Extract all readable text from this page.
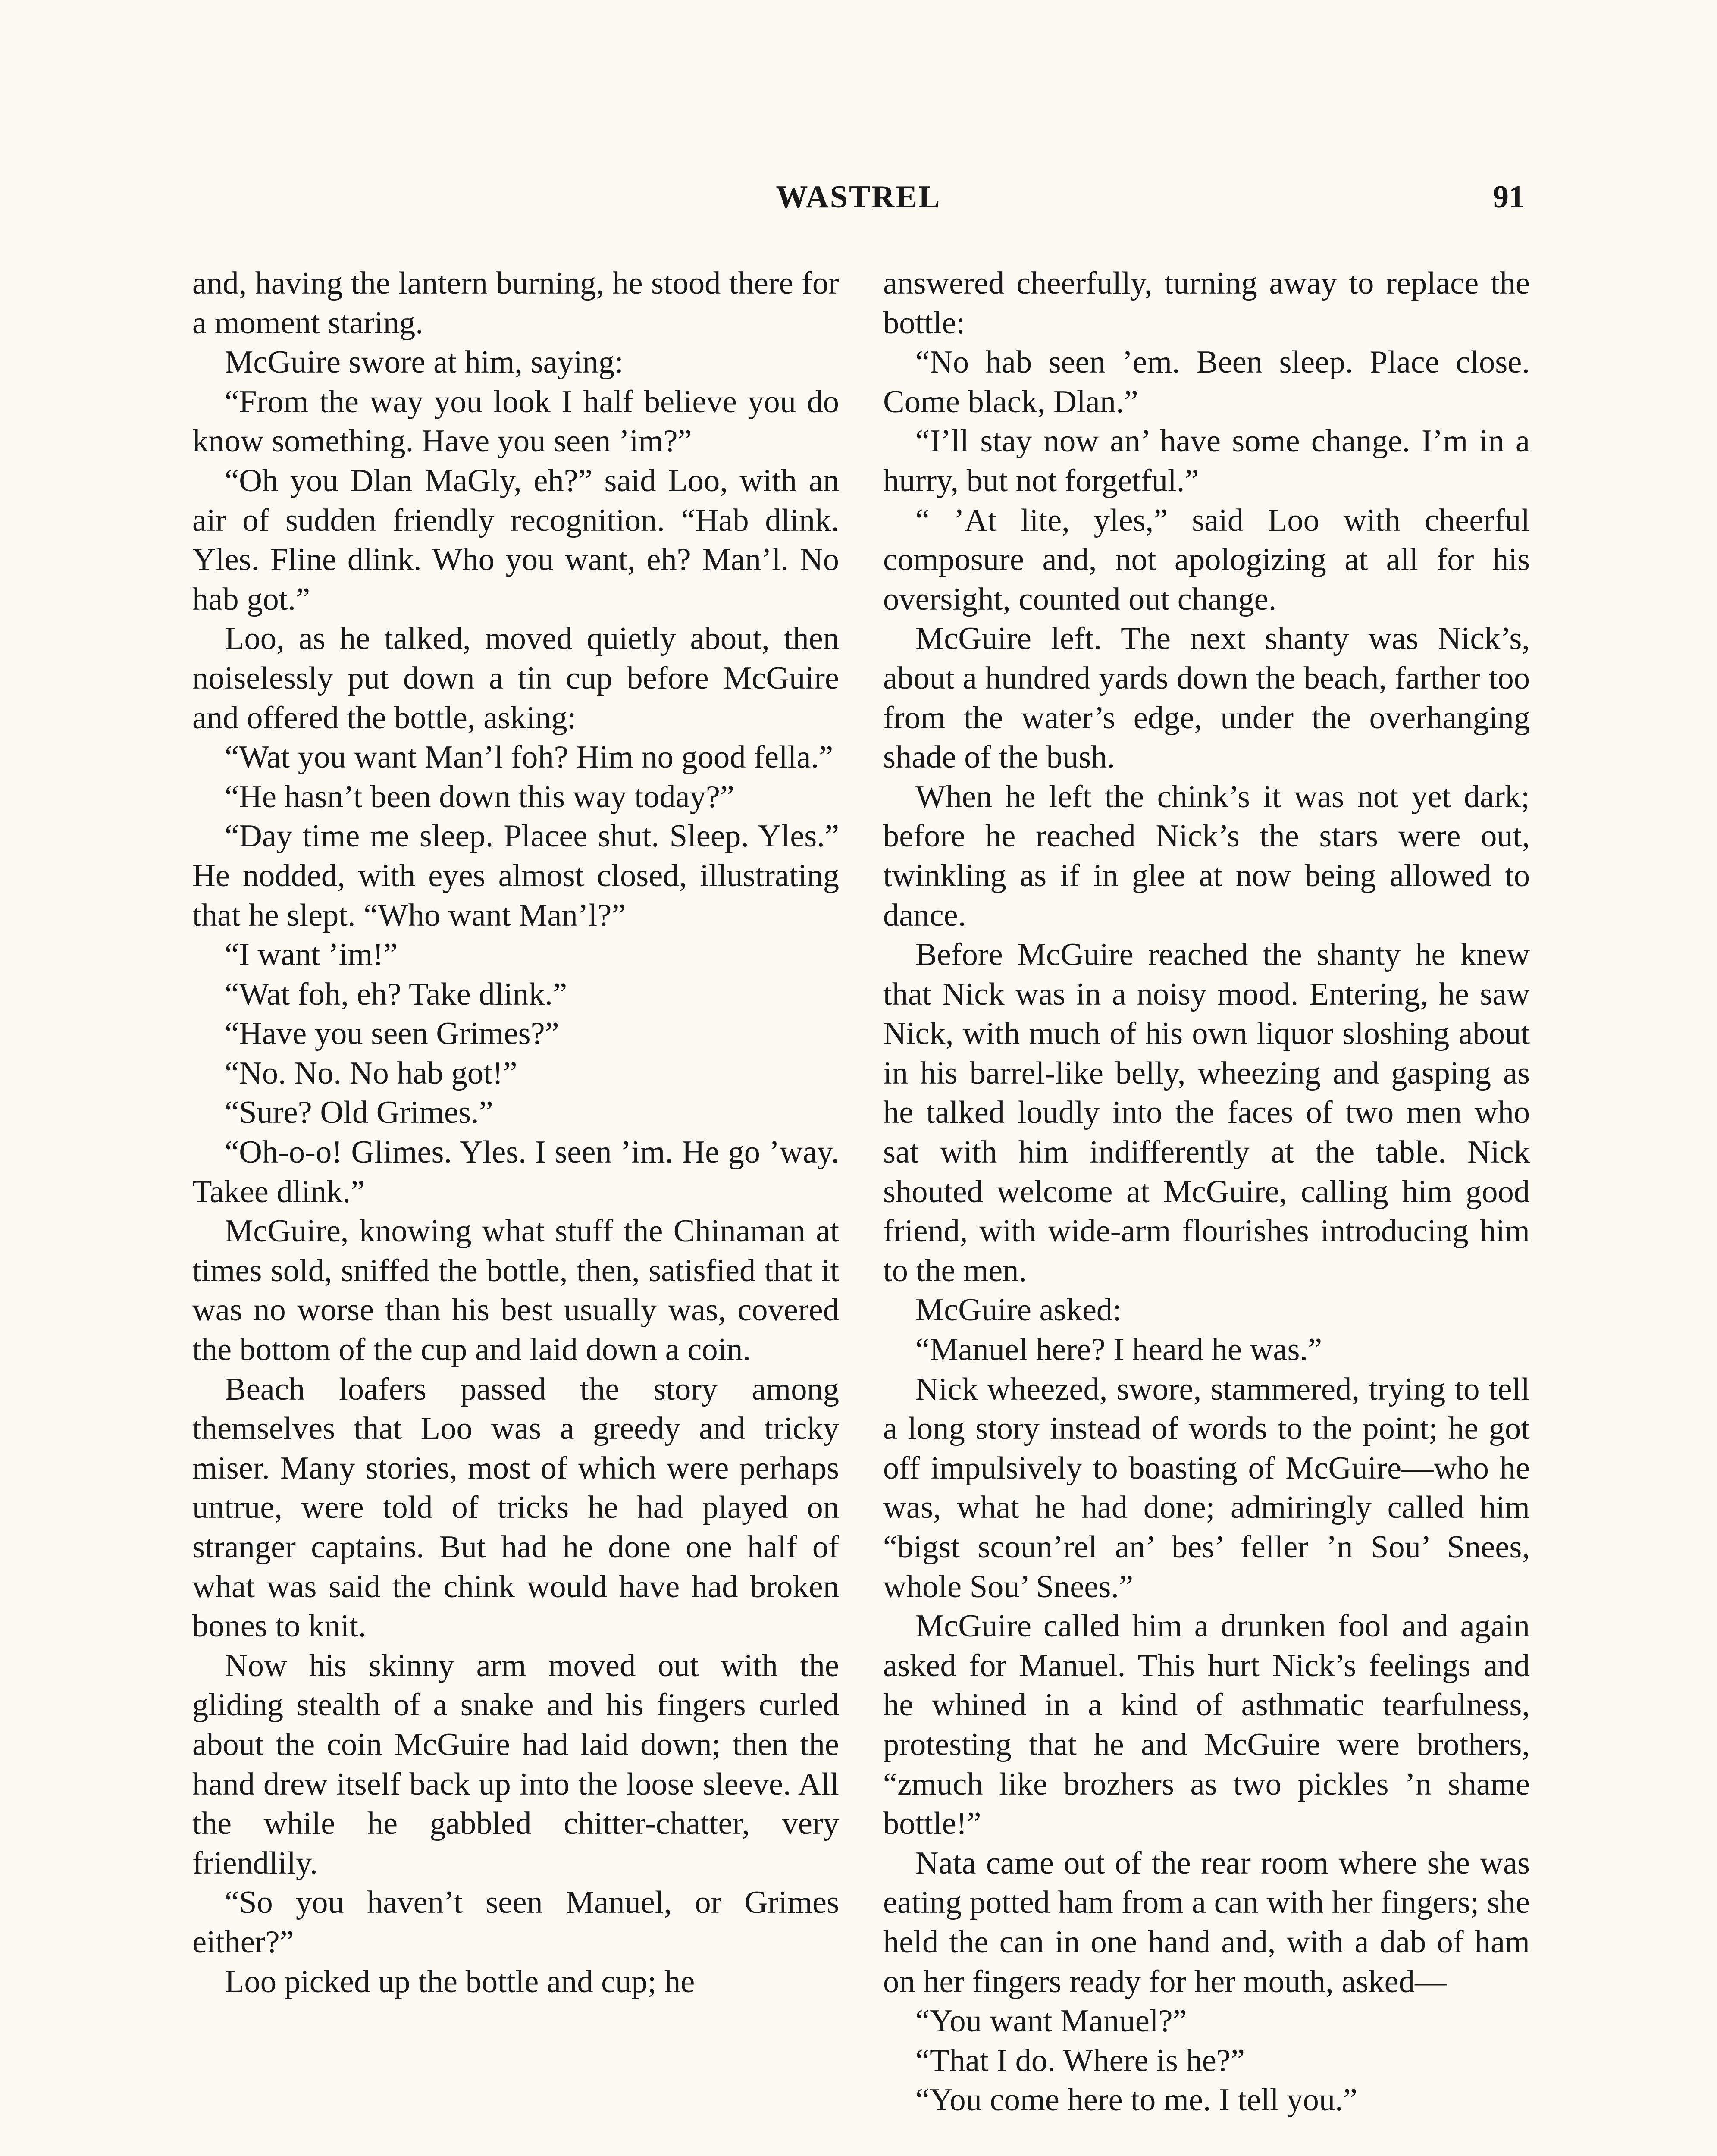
WASTREL	91

and, having the lantern burning, he stood there for a moment staring.

McGuire swore at him, saying:

“From the way you look I half believe you do know something. Have you seen ’im?”

“Oh you Dlan MaGly, eh?” said Loo, with an air of sudden friendly recognition. “Hab dlink. Yles. Fline dlink. Who you want, eh? Man’l. No hab got.”

Loo, as he talked, moved quietly about, then noiselessly put down a tin cup before McGuire and offered the bottle, asking:

“Wat you want Man’l foh? Him no good fella.”

“He hasn’t been down this way today?”

“Day time me sleep. Placee shut. Sleep. Yles.” He nodded, with eyes almost closed, illustrating that he slept. “Who want Man’l?”

“I want ’im!”

“Wat foh, eh? Take dlink.”

“Have you seen Grimes?”

“No. No. No hab got!”

“Sure? Old Grimes.”

“Oh-o-o! Glimes. Yles. I seen ’im. He go ’way. Takee dlink.”

McGuire, knowing what stuff the Chinaman at times sold, sniffed the bottle, then, satisfied that it was no worse than his best usually was, covered the bottom of the cup and laid down a coin.

Beach loafers passed the story among themselves that Loo was a greedy and tricky miser. Many stories, most of which were perhaps untrue, were told of tricks he had played on stranger captains. But had he done one half of what was said the chink would have had broken bones to knit.

Now his skinny arm moved out with the gliding stealth of a snake and his fingers curled about the coin McGuire had laid down; then the hand drew itself back up into the loose sleeve. All the while he gabbled chitter-chatter, very friendlily.

“So you haven’t seen Manuel, or Grimes either?”

Loo picked up the bottle and cup; he

answered cheerfully, turning away to replace the bottle:

“No hab seen ’em. Been sleep. Place close. Come black, Dlan.”

“I’ll stay now an’ have some change. I’m in a hurry, but not forgetful.”

“ ’At lite, yles,” said Loo with cheerful composure and, not apologizing at all for his oversight, counted out change.

McGuire left. The next shanty was Nick’s, about a hundred yards down the beach, farther too from the water’s edge, under the overhanging shade of the bush.

When he left the chink’s it was not yet dark; before he reached Nick’s the stars were out, twinkling as if in glee at now being allowed to dance.

Before McGuire reached the shanty he knew that Nick was in a noisy mood. Entering, he saw Nick, with much of his own liquor sloshing about in his barrel-like belly, wheezing and gasping as he talked loudly into the faces of two men who sat with him indifferently at the table. Nick shouted welcome at McGuire, calling him good friend, with wide-arm flourishes introducing him to the men.

McGuire asked:

“Manuel here? I heard he was.”

Nick wheezed, swore, stammered, trying to tell a long story instead of words to the point; he got off impulsively to boasting of McGuire—who he was, what he had done; admiringly called him “bigst scoun’rel an’ bes’ feller ’n Sou’ Snees, whole Sou’ Snees.”

McGuire called him a drunken fool and again asked for Manuel. This hurt Nick’s feelings and he whined in a kind of asthmatic tearfulness, protesting that he and McGuire were brothers, “zmuch like brozhers as two pickles ’n shame bottle!”

Nata came out of the rear room where she was eating potted ham from a can with her fingers; she held the can in one hand and, with a dab of ham on her fingers ready for her mouth, asked—

“You want Manuel?”

“That I do. Where is he?”

“You come here to me. I tell you.”
